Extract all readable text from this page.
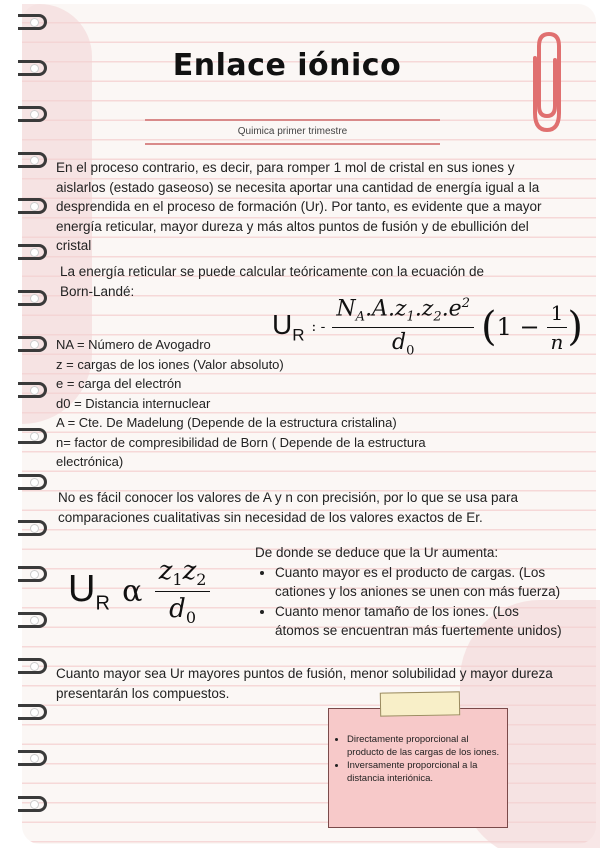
Enlace iónico
Quimica primer trimestre
En el proceso contrario, es decir, para romper 1 mol de cristal en sus iones y aislarlos (estado gaseoso) se necesita aportar una cantidad de energía igual a la desprendida en el proceso de formación (Ur). Por tanto, es evidente que a mayor energía reticular, mayor dureza y más altos puntos de fusión y de ebullición del cristal
La energía reticular se puede calcular teóricamente con la ecuación de Born-Landé:
$U_R$ : - $\frac{N_A.A.z_1.z_2.e^2}{d_0} (1 - \frac{1}{n}$ )
NA = Número de Avogadro
z = cargas de los iones (Valor absoluto)
e = carga del electrón
d0 = Distancia internuclear
A = Cte. De Madelung (Depende de la estructura cristalina)
n= factor de compresibilidad de Born ( Depende de la estructura electrónica)
No es fácil conocer los valores de A y n con precisión, por lo que se usa para comparaciones cualitativas sin necesidad de los valores exactos de Er.
$U_R$ α $\frac{z_1z_2}{d_0}$
De donde se deduce que la Ur aumenta:
• Cuanto mayor es el producto de cargas. (Los cationes y los aniones se unen con más fuerza)
• Cuanto menor tamaño de los iones. (Los átomos se encuentran más fuertemente unidos)
Cuanto mayor sea Ur mayores puntos de fusión, menor solubilidad y mayor dureza presentarán los compuestos.
• Directamente proporcional al producto de las cargas de los iones.
• Inversamente proporcional a la distancia interiónica.
